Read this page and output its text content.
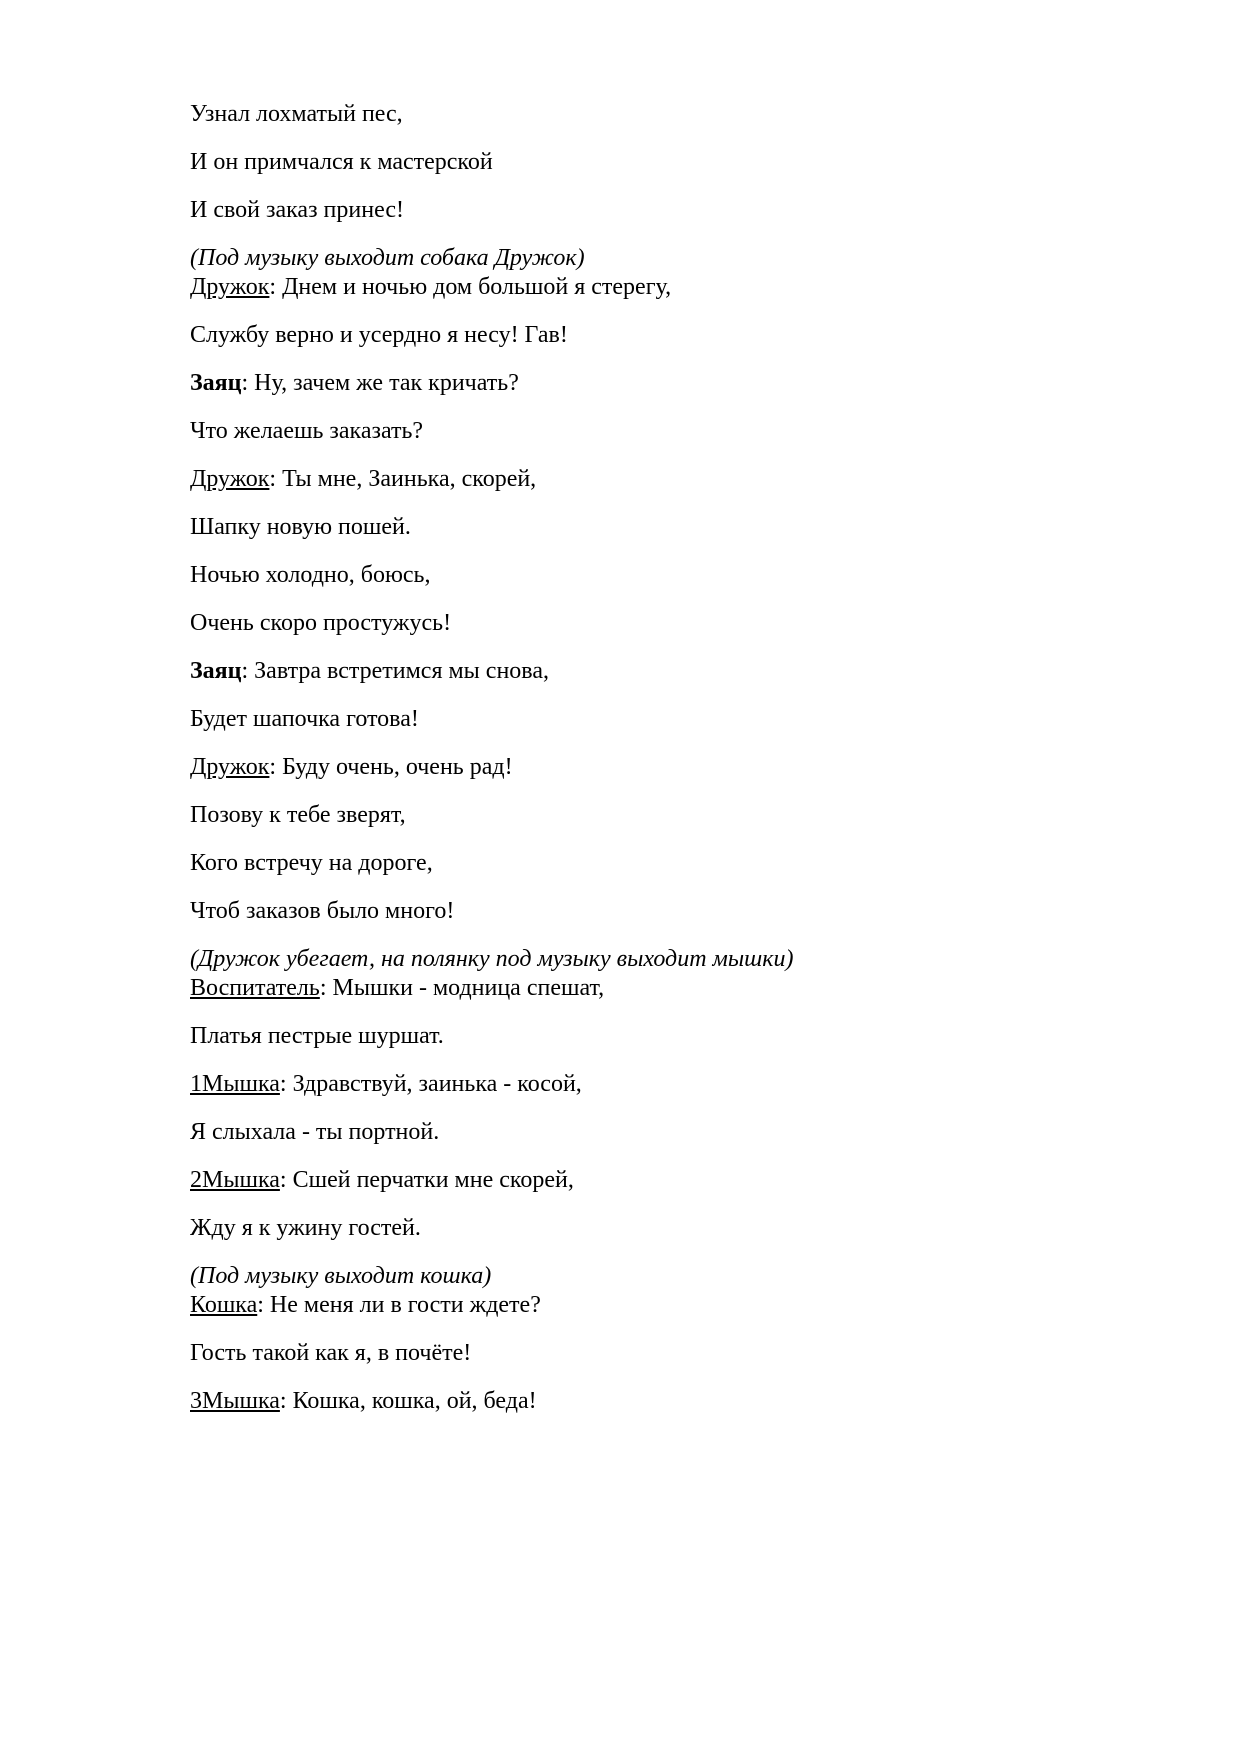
Узнал лохматый пес,

И он примчался к мастерской

И свой заказ принес!

(Под музыку выходит собака Дружок)

Дружок: Днем и ночью дом большой я стерегу,

Службу верно и усердно я несу! Гав!

Заяц: Ну, зачем же так кричать?

Что желаешь заказать?

Дружок: Ты мне, Заинька, скорей,

Шапку новую пошей.

Ночью холодно, боюсь,

Очень скоро простужусь!

Заяц: Завтра встретимся мы снова,

Будет шапочка готова!

Дружок: Буду очень, очень рад!

Позову к тебе зверят,

Кого встречу на дороге,

Чтоб заказов было много!

(Дружок убегает, на полянку под музыку выходит мышки)

Воспитатель: Мышки - модница спешат,

Платья пестрые шуршат.

1Мышка: Здравствуй, заинька - косой,

Я слыхала - ты портной.

2Мышка: Сшей перчатки мне скорей,

Жду я к ужину гостей.

(Под музыку выходит кошка)

Кошка: Не меня ли в гости ждете?

Гость такой как я, в почёте!

3Мышка: Кошка, кошка, ой, беда!
